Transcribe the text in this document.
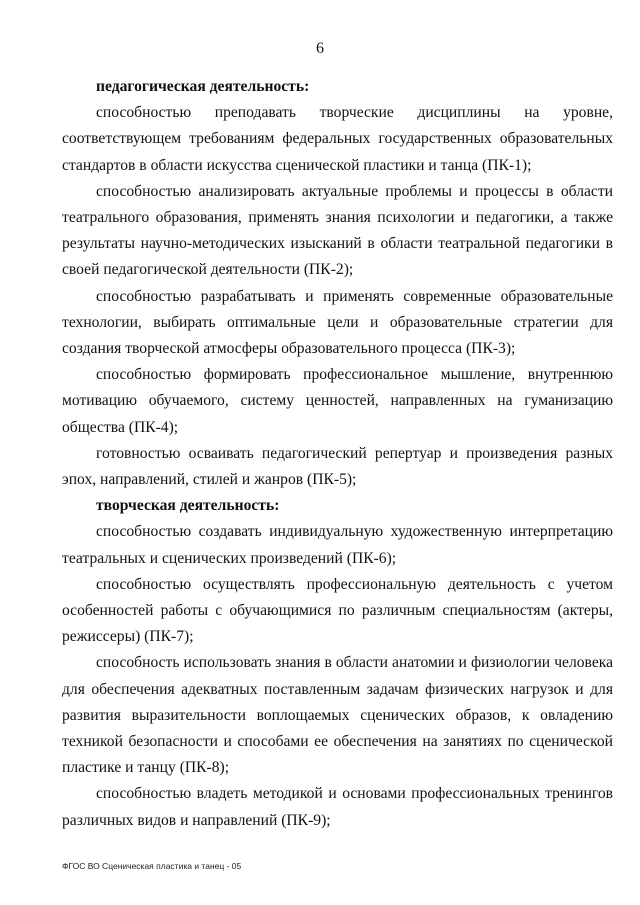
6

педагогическая деятельность:

способностью преподавать творческие дисциплины на уровне, соответствующем требованиям федеральных государственных образовательных стандартов в области искусства сценической пластики и танца (ПК-1);

способностью анализировать актуальные проблемы и процессы в области театрального образования, применять знания психологии и педагогики, а также результаты научно-методических изысканий в области театральной педагогики в своей педагогической деятельности (ПК-2);

способностью разрабатывать и применять современные образовательные технологии, выбирать оптимальные цели и образовательные стратегии для создания творческой атмосферы образовательного процесса (ПК-3);

способностью формировать профессиональное мышление, внутреннюю мотивацию обучаемого, систему ценностей, направленных на гуманизацию общества (ПК-4);

готовностью осваивать педагогический репертуар и произведения разных эпох, направлений, стилей и жанров (ПК-5);

творческая деятельность:

способностью создавать индивидуальную художественную интерпретацию театральных и сценических произведений (ПК-6);

способностью осуществлять профессиональную деятельность с учетом особенностей работы с обучающимися по различным специальностям (актеры, режиссеры) (ПК-7);

способность использовать знания в области анатомии и физиологии человека для обеспечения адекватных поставленным задачам физических нагрузок и для развития выразительности воплощаемых сценических образов, к овладению техникой безопасности и способами ее обеспечения на занятиях по сценической пластике и танцу (ПК-8);

способностью владеть методикой и основами профессиональных тренингов различных видов и направлений (ПК-9);

ФГОС ВО Сценическая пластика и танец - 05
